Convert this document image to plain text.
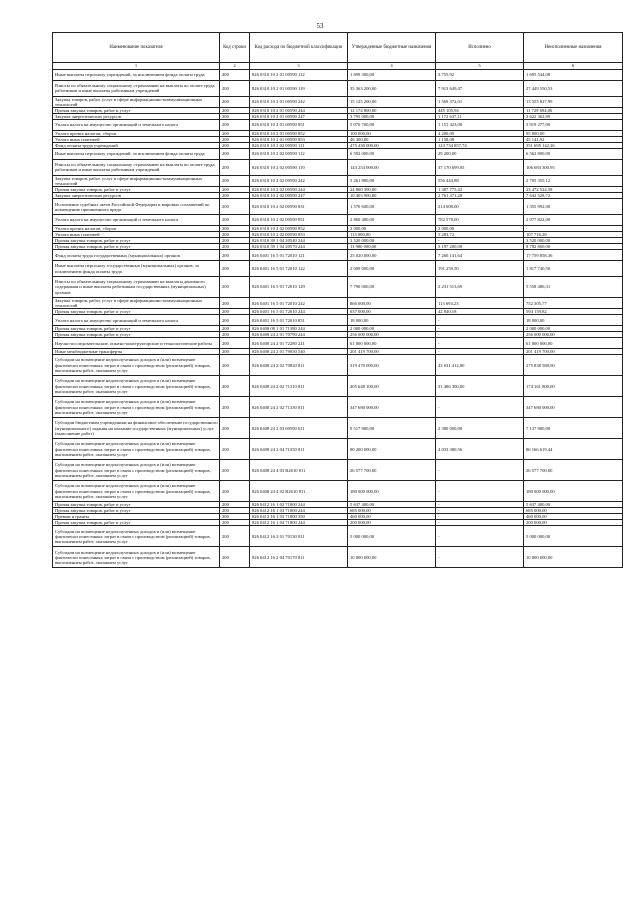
53
Наименование показателя	Код строки	Код расхода по бюджетной классификации	Утвержденные бюджетные назначения	Исполнено	Неисполненные назначения
1	2	3	4	5	6
Иные выплаты персоналу учреждений, за исключением фонда оплаты труда	200	826 0310 10 2 01 00590 112	1 699 300,00	3 755,92	1 695 544,08
Взносы по обязательному социальному страхованию на выплаты по оплате труда работников и иные выплаты работникам учреждений	200	826 0310 10 2 01 00590 119	35 363 200,00	7 913 649,47	27 449 550,53
Закупка товаров, работ, услуг в сфере информационно-коммуникационных технологий	200	826 0310 10 2 01 00590 242	15 125 200,00	1 569 372,01	13 555 827,99
Прочая закупка товаров, работ и услуг	200	826 0310 10 2 01 00590 244	12 174 800,00	445 105,94	11 729 694,06
Закупка энергетических ресурсов	200	826 0310 10 2 01 00590 247	3 795 000,00	1 172 637,11	2 622 362,89
Уплата налога на имущество организаций и земельного налога	200	826 0310 10 2 01 00590 851	5 070 700,00	1 151 423,00	3 919 277,00
Уплата прочих налогов, сборов	200	826 0310 10 2 01 00590 852	100 000,00	4 200,00	95 800,00
Уплата иных платежей	200	826 0310 10 2 01 00590 853	46 300,00	1 158,08	45 141,92
Фонд оплаты труда учреждений	200	826 0310 10 2 02 00590 111	475 430 000,00	123 734 857,74	351 695 142,26
Иные выплаты персоналу учреждений, за исключением фонда оплаты труда	200	826 0310 10 2 02 00590 112	6 592 000,00	29 200,00	6 562 800,00
Взносы по обязательному социальному страхованию на выплаты по оплате труда работников и иные выплаты работникам учреждений	200	826 0310 10 2 02 00590 119	143 254 000,00	37 170 699,05	106 083 300,95
Закупка товаров, работ, услуг в сфере информационно-коммуникационных технологий	200	826 0310 10 2 02 00590 242	3 261 800,00	556 444,88	2 705 355,12
Прочая закупка товаров, работ и услуг	200	826 0310 10 2 02 00590 244	24 860 300,00	1 387 775,42	23 472 524,58
Закупка энергетических ресурсов	200	826 0310 10 2 02 00590 247	10 403 900,00	2 761 371,28	7 642 528,72
Исполнение судебных актов Российской Федерации и мировых соглашений по возмещению причиненного вреда	200	826 0310 10 2 02 00590 831	1 570 600,00	214 608,00	1 355 992,00
Уплата налога на имущество организаций и земельного налога	200	826 0310 10 2 02 00590 851	2 860 400,00	782 578,00	2 077 822,00
Уплата прочих налогов, сборов	200	826 0310 10 2 02 00590 852	2 000,00	2 000,00	-
Уплата иных платежей	200	826 0310 10 2 02 00590 853	113 000,00	5 283,72	107 716,28
Прочая закупка товаров, работ и услуг	200	826 0310 39 1 04 20540 244	3 520 000,00	-	3 520 000,00
Прочая закупка товаров, работ и услуг	200	826 0310 39 1 04 20570 244	11 980 000,00	3 197 200,00	8 782 800,00
Фонд оплаты труда государственных (муниципальных) органов	200	826 0401 16 5 01 72010 121	25 020 000,00	7 260 141,64	17 759 858,36
Иные выплаты персоналу государственных (муниципальных) органов, за исключением фонда оплаты труда	200	826 0401 16 5 01 72010 122	2 009 000,00	191 259,50	1 817 740,50
Взносы по обязательному социальному страхованию на выплаты денежного содержания и иные выплаты работникам государственных (муниципальных) органов	200	826 0401 16 5 01 72010 129	7 790 000,00	2 231 513,69	5 558 486,31
Закупка товаров, работ, услуг в сфере информационно-коммуникационных технологий	200	826 0401 16 5 01 72010 242	866 000,00	113 694,23	752 305,77
Прочая закупка товаров, работ и услуг	200	826 0401 16 5 01 72010 244	637 000,00	42 840,18	594 159,82
Уплата налога на имущество организаций и земельного налога	200	826 0401 16 5 01 72010 851	18 000,00	-	18 000,00
Прочая закупка товаров, работ и услуг	200	826 0408 08 1 01 71380 244	2 000 000,00	-	2 000 000,00
Прочая закупка товаров, работ и услуг	200	826 0408 24 2 01 70790 244	256 000 000,00	-	256 000 000,00
Научно-исследовательские, опытно-конструкторские и технологические работы	200	826 0408 24 2 01 72280 241	61 000 000,00	-	61 000 000,00
Иные межбюджетные трансферты	200	826 0408 24 2 01 79050 540	201 419 700,00	-	201 419 700,00
Субсидии на возмещение недополученных доходов и (или) возмещение фактически понесенных затрат в связи с производством (реализацией) товаров, выполнением работ, оказанием услуг	200	826 0408 24 2 02 70820 811	319 470 000,00	43 631 412,00	275 838 588,00
Субсидии на возмещение недополученных доходов и (или) возмещение фактически понесенных затрат в связи с производством (реализацией) товаров, выполнением работ, оказанием услуг	200	826 0408 24 2 02 71310 811	205 648 100,00	31 486 300,00	174 161 800,00
Субсидии на возмещение недополученных доходов и (или) возмещение фактически понесенных затрат в связи с производством (реализацией) товаров, выполнением работ, оказанием услуг	200	826 0408 24 2 02 71330 811	347 680 000,00	-	347 680 000,00
Субсидии бюджетным учреждениям на финансовое обеспечение государственного (муниципального) задания на оказание государственных (муниципальных) услуг (выполнение работ)	200	826 0408 24 2 03 00590 611	9 517 800,00	2 380 000,00	7 137 800,00
Субсидии на возмещение недополученных доходов и (или) возмещение фактически понесенных затрат в связи с производством (реализацией) товаров, выполнением работ, оказанием услуг	200	826 0408 24 2 04 71350 811	90 200 000,00	4 033 380,56	86 166 619,44
Субсидии на возмещение недополученных доходов и (или) возмещение фактически понесенных затрат в связи с производством (реализацией) товаров, выполнением работ, оказанием услуг	200	826 0408 24 4 03 R2610 811	26 577 700,00	-	26 577 700,00
Субсидии на возмещение недополученных доходов и (или) возмещение фактически понесенных затрат в связи с производством (реализацией) товаров, выполнением работ, оказанием услуг	200	826 0408 24 4 02 R2610 811	180 000 000,00	-	180 000 000,00
Прочая закупка товаров, работ и услуг	200	826 0412 16 1 02 71800 244	5 637 400,00	-	5 637 400,00
Прочая закупка товаров, работ и услуг	200	826 0412 16 1 03 71800 244	685 000,00	-	685 000,00
Премии и гранты	200	826 0412 16 1 03 71800 350	460 000,00	-	460 000,00
Прочая закупка товаров, работ и услуг	200	826 0412 16 1 04 71800 244	200 000,00	-	200 000,00
Субсидии на возмещение недополученных доходов и (или) возмещение фактически понесенных затрат в связи с производством (реализацией) товаров, выполнением работ, оказанием услуг	200	826 0412 16 2 01 70130 811	5 000 000,00	-	5 000 000,00
Субсидии на возмещение недополученных доходов и (или) возмещение фактически понесенных затрат в связи с производством (реализацией) товаров, выполнением работ, оказанием услуг	200	826 0412 16 2 04 70170 811	10 000 000,00	-	10 000 000,00
